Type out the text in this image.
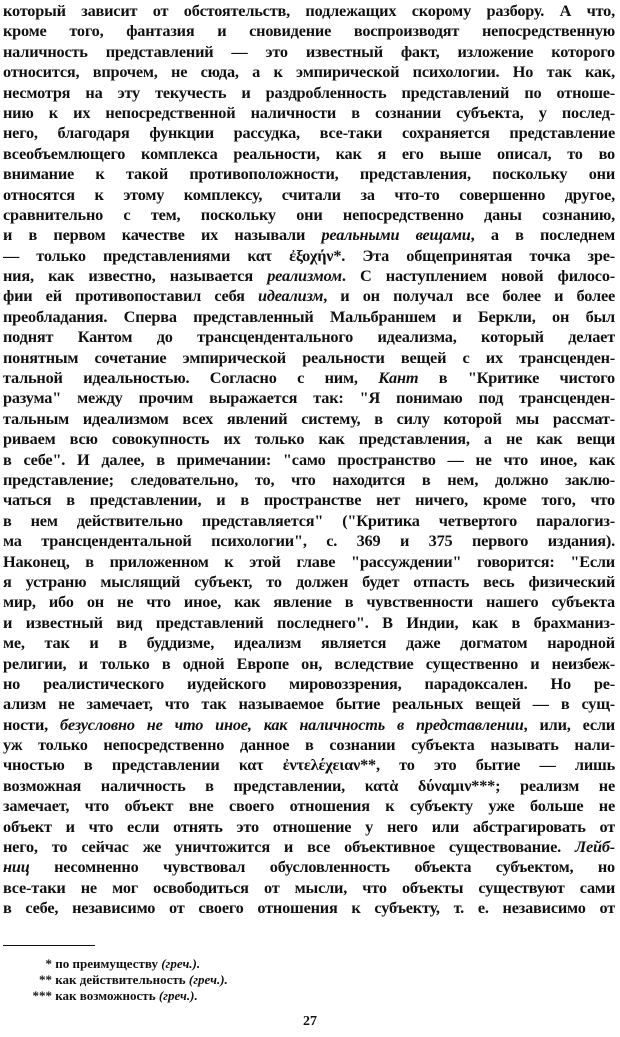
который зависит от обстоятельств, подлежащих скорому разбору. А что,
кроме того, фантазия и сновидение воспроизводят непосредственную
наличность представлений — это известный факт, изложение которого
относится, впрочем, не сюда, а к эмпирической психологии. Но так как,
несмотря на эту текучесть и раздробленность представлений по отноше-
нию к их непосредственной наличности в сознании субъекта, у послед-
него, благодаря функции рассудка, все-таки сохраняется представление
всеобъемлющего комплекса реальности, как я его выше описал, то во
внимание к такой противоположности, представления, поскольку они
относятся к этому комплексу, считали за что-то совершенно другое,
сравнительно с тем, поскольку они непосредственно даны сознанию,
и в первом качестве их называли реальными вещами, а в последнем
— только представлениями κατ ἐξοχήν*. Эта общепринятая точка зре-
ния, как известно, называется реализмом. С наступлением новой филосо-
фии ей противопоставил себя идеализм, и он получал все более и более
преобладания. Сперва представленный Мальбраншем и Беркли, он был
поднят Кантом до трансцендентального идеализма, который делает
понятным сочетание эмпирической реальности вещей с их трансценден-
тальной идеальностью. Согласно с ним, Кант в "Критике чистого
разума" между прочим выражается так: "Я понимаю под трансценден-
тальным идеализмом всех явлений систему, в силу которой мы рассмат-
риваем всю совокупность их только как представления, а не как вещи
в себе". И далее, в примечании: "само пространство — не что иное, как
представление; следовательно, то, что находится в нем, должно заклю-
чаться в представлении, и в пространстве нет ничего, кроме того, что
в нем действительно представляется" ("Критика четвертого паралогиз-
ма трансцендентальной психологии", с. 369 и 375 первого издания).
Наконец, в приложенном к этой главе "рассуждении" говорится: "Если
я устраню мыслящий субъект, то должен будет отпасть весь физический
мир, ибо он не что иное, как явление в чувственности нашего субъекта
и известный вид представлений последнего". В Индии, как в брахманиз-
ме, так и в буддизме, идеализм является даже догматом народной
религии, и только в одной Европе он, вследствие существенно и неизбеж-
но реалистического иудейского мировоззрения, парадоксален. Но ре-
ализм не замечает, что так называемое бытие реальных вещей — в сущ-
ности, безусловно не что иное, как наличность в представлении, или, если
уж только непосредственно данное в сознании субъекта называть нали-
чностью в представлении κατ ἐντελέχειαν**, то это бытие — лишь
возможная наличность в представлении, κατὰ δύναμιν***; реализм не
замечает, что объект вне своего отношения к субъекту уже больше не
объект и что если отнять это отношение у него или абстрагировать от
него, то сейчас же уничтожится и все объективное существование. Лейб-
ниц несомненно чувствовал обусловленность объекта субъектом, но
все-таки не мог освободиться от мысли, что объекты существуют сами
в себе, независимо от своего отношения к субъекту, т. е. независимо от
* по преимуществу (греч.).
** как действительность (греч.).
*** как возможность (греч.).
27
